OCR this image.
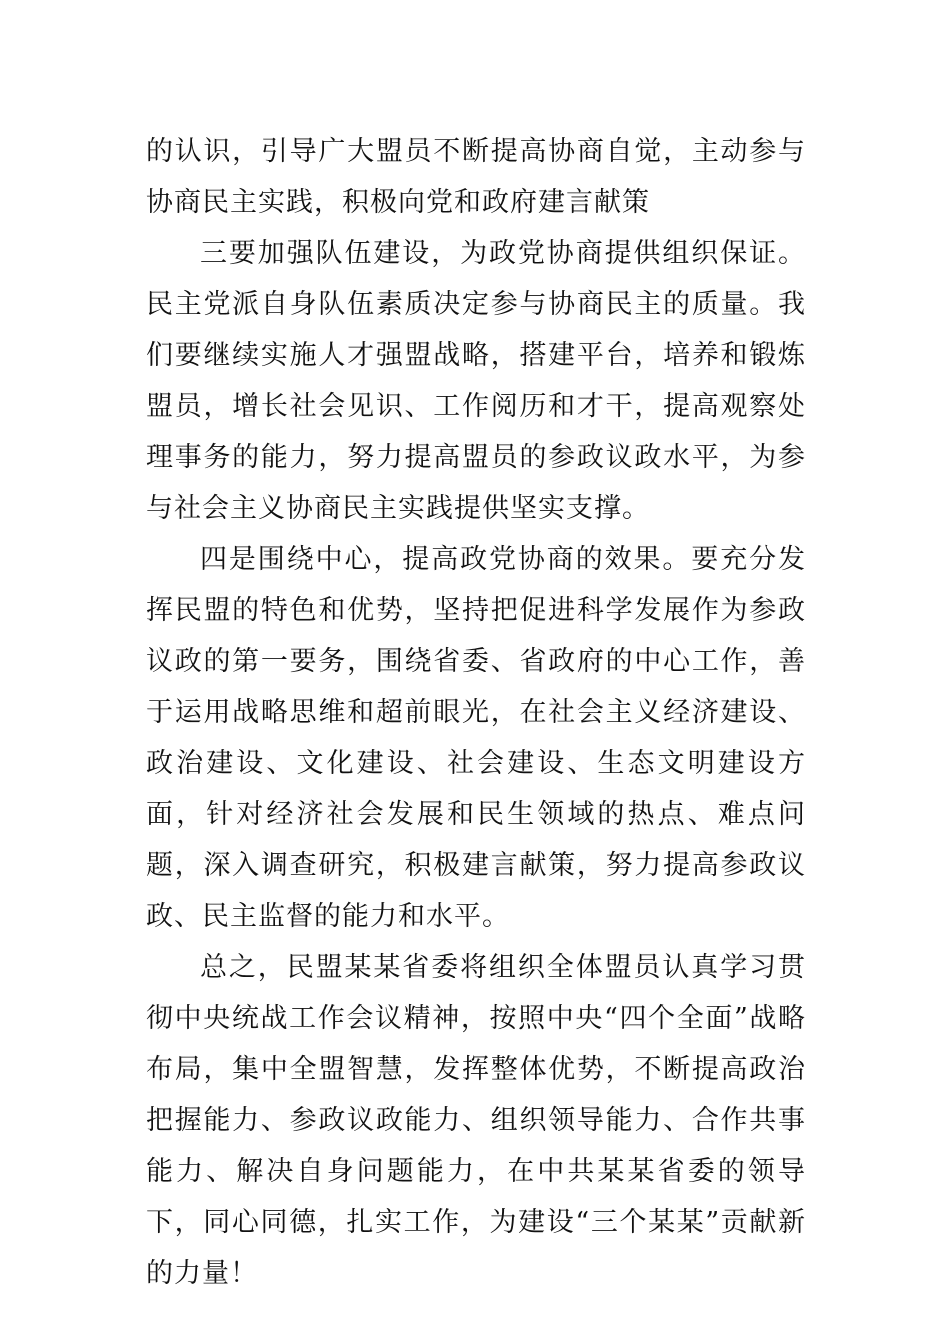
的认识，引导广大盟员不断提高协商自觉，主动参与协商民主实践，积极向党和政府建言献策

三要加强队伍建设，为政党协商提供组织保证。民主党派自身队伍素质决定参与协商民主的质量。我们要继续实施人才强盟战略，搭建平台，培养和锻炼盟员，增长社会见识、工作阅历和才干，提高观察处理事务的能力，努力提高盟员的参政议政水平，为参与社会主义协商民主实践提供坚实支撑。

四是围绕中心，提高政党协商的效果。要充分发挥民盟的特色和优势，坚持把促进科学发展作为参政议政的第一要务，围绕省委、省政府的中心工作，善于运用战略思维和超前眼光，在社会主义经济建设、政治建设、文化建设、社会建设、生态文明建设方面，针对经济社会发展和民生领域的热点、难点问题，深入调查研究，积极建言献策，努力提高参政议政、民主监督的能力和水平。

总之，民盟某某省委将组织全体盟员认真学习贯彻中央统战工作会议精神，按照中央“四个全面”战略布局，集中全盟智慧，发挥整体优势，不断提高政治把握能力、参政议政能力、组织领导能力、合作共事能力、解决自身问题能力，在中共某某省委的领导下，同心同德，扎实工作，为建设“三个某某”贡献新的力量！
